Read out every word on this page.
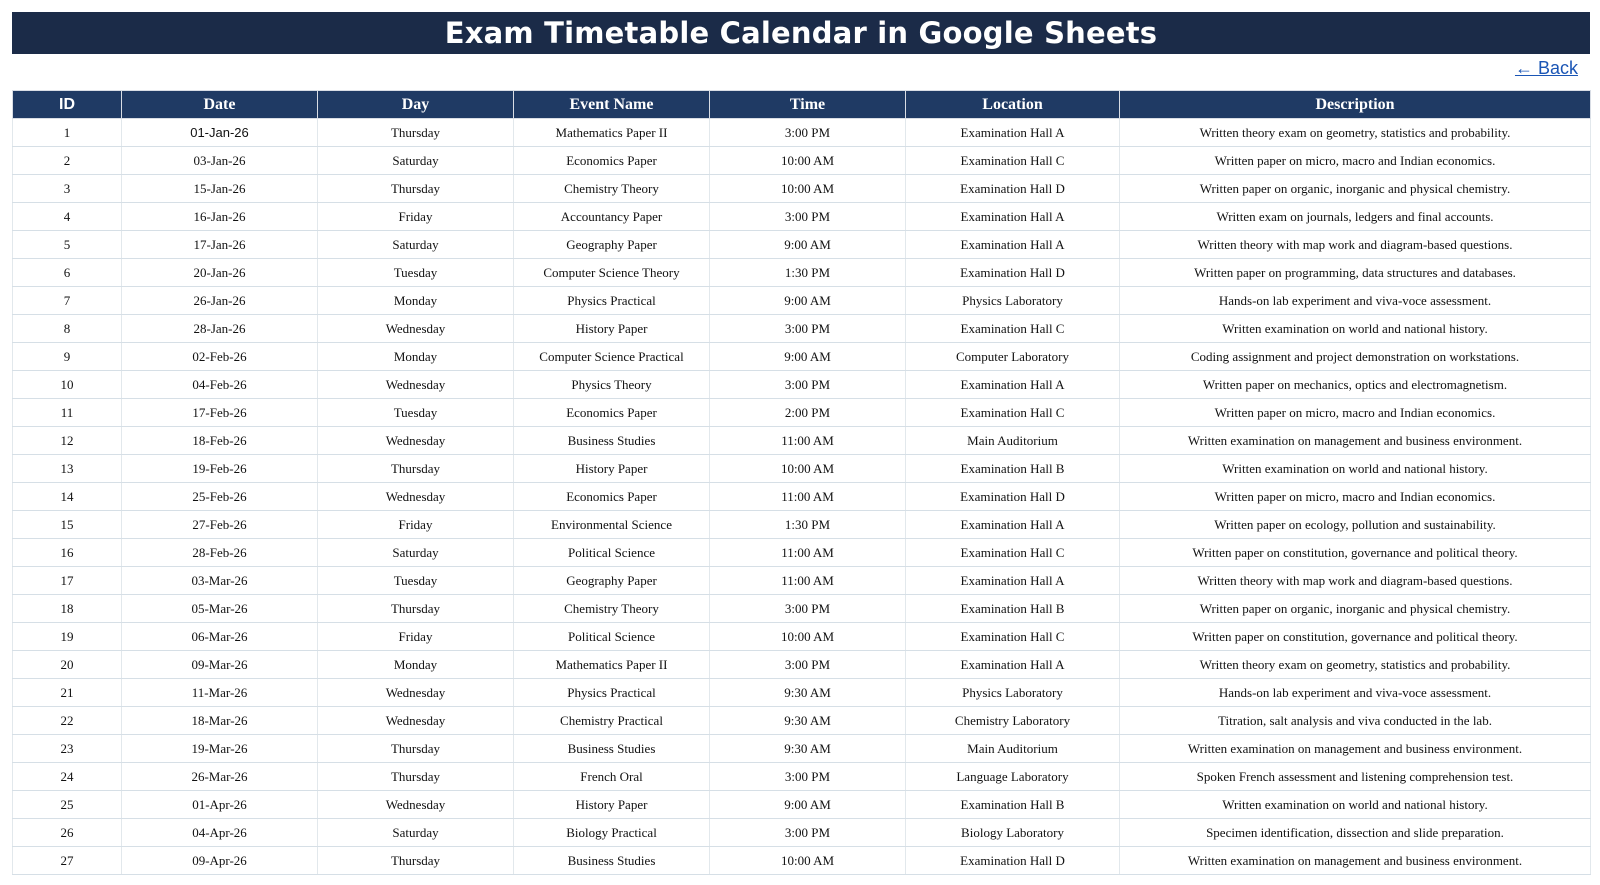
Exam Timetable Calendar in Google Sheets
← Back
ID	Date	Day	Event Name	Time	Location	Description
1	01-Jan-26	Thursday	Mathematics Paper II	3:00 PM	Examination Hall A	Written theory exam on geometry, statistics and probability.
2	03-Jan-26	Saturday	Economics Paper	10:00 AM	Examination Hall C	Written paper on micro, macro and Indian economics.
3	15-Jan-26	Thursday	Chemistry Theory	10:00 AM	Examination Hall D	Written paper on organic, inorganic and physical chemistry.
4	16-Jan-26	Friday	Accountancy Paper	3:00 PM	Examination Hall A	Written exam on journals, ledgers and final accounts.
5	17-Jan-26	Saturday	Geography Paper	9:00 AM	Examination Hall A	Written theory with map work and diagram-based questions.
6	20-Jan-26	Tuesday	Computer Science Theory	1:30 PM	Examination Hall D	Written paper on programming, data structures and databases.
7	26-Jan-26	Monday	Physics Practical	9:00 AM	Physics Laboratory	Hands-on lab experiment and viva-voce assessment.
8	28-Jan-26	Wednesday	History Paper	3:00 PM	Examination Hall C	Written examination on world and national history.
9	02-Feb-26	Monday	Computer Science Practical	9:00 AM	Computer Laboratory	Coding assignment and project demonstration on workstations.
10	04-Feb-26	Wednesday	Physics Theory	3:00 PM	Examination Hall A	Written paper on mechanics, optics and electromagnetism.
11	17-Feb-26	Tuesday	Economics Paper	2:00 PM	Examination Hall C	Written paper on micro, macro and Indian economics.
12	18-Feb-26	Wednesday	Business Studies	11:00 AM	Main Auditorium	Written examination on management and business environment.
13	19-Feb-26	Thursday	History Paper	10:00 AM	Examination Hall B	Written examination on world and national history.
14	25-Feb-26	Wednesday	Economics Paper	11:00 AM	Examination Hall D	Written paper on micro, macro and Indian economics.
15	27-Feb-26	Friday	Environmental Science	1:30 PM	Examination Hall A	Written paper on ecology, pollution and sustainability.
16	28-Feb-26	Saturday	Political Science	11:00 AM	Examination Hall C	Written paper on constitution, governance and political theory.
17	03-Mar-26	Tuesday	Geography Paper	11:00 AM	Examination Hall A	Written theory with map work and diagram-based questions.
18	05-Mar-26	Thursday	Chemistry Theory	3:00 PM	Examination Hall B	Written paper on organic, inorganic and physical chemistry.
19	06-Mar-26	Friday	Political Science	10:00 AM	Examination Hall C	Written paper on constitution, governance and political theory.
20	09-Mar-26	Monday	Mathematics Paper II	3:00 PM	Examination Hall A	Written theory exam on geometry, statistics and probability.
21	11-Mar-26	Wednesday	Physics Practical	9:30 AM	Physics Laboratory	Hands-on lab experiment and viva-voce assessment.
22	18-Mar-26	Wednesday	Chemistry Practical	9:30 AM	Chemistry Laboratory	Titration, salt analysis and viva conducted in the lab.
23	19-Mar-26	Thursday	Business Studies	9:30 AM	Main Auditorium	Written examination on management and business environment.
24	26-Mar-26	Thursday	French Oral	3:00 PM	Language Laboratory	Spoken French assessment and listening comprehension test.
25	01-Apr-26	Wednesday	History Paper	9:00 AM	Examination Hall B	Written examination on world and national history.
26	04-Apr-26	Saturday	Biology Practical	3:00 PM	Biology Laboratory	Specimen identification, dissection and slide preparation.
27	09-Apr-26	Thursday	Business Studies	10:00 AM	Examination Hall D	Written examination on management and business environment.
